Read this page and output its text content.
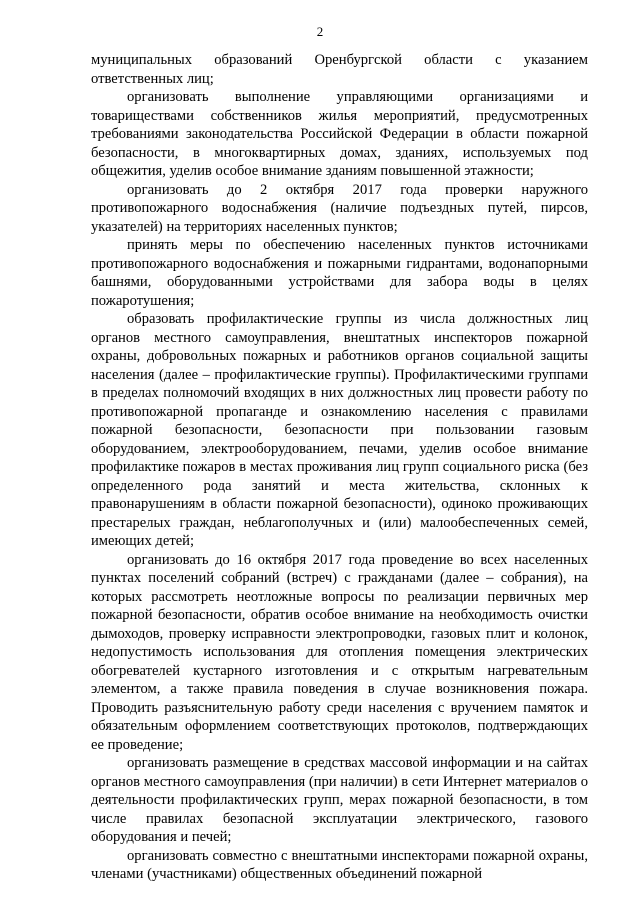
2

муниципальных образований Оренбургской области с указанием ответственных лиц;

организовать выполнение управляющими организациями и товариществами собственников жилья мероприятий, предусмотренных требованиями законодательства Российской Федерации в области пожарной безопасности, в многоквартирных домах, зданиях, используемых под общежития, уделив особое внимание зданиям повышенной этажности;

организовать до 2 октября 2017 года проверки наружного противопожарного водоснабжения (наличие подъездных путей, пирсов, указателей) на территориях населенных пунктов;

принять меры по обеспечению населенных пунктов источниками противопожарного водоснабжения и пожарными гидрантами, водонапорными башнями, оборудованными устройствами для забора воды в целях пожаротушения;

образовать профилактические группы из числа должностных лиц органов местного самоуправления, внештатных инспекторов пожарной охраны, добровольных пожарных и работников органов социальной защиты населения (далее – профилактические группы). Профилактическими группами в пределах полномочий входящих в них должностных лиц провести работу по противопожарной пропаганде и ознакомлению населения с правилами пожарной безопасности, безопасности при пользовании газовым оборудованием, электрооборудованием, печами, уделив особое внимание профилактике пожаров в местах проживания лиц групп социального риска (без определенного рода занятий и места жительства, склонных к правонарушениям в области пожарной безопасности), одиноко проживающих престарелых граждан, неблагополучных и (или) малообеспеченных семей, имеющих детей;

организовать до 16 октября 2017 года проведение во всех населенных пунктах поселений собраний (встреч) с гражданами (далее – собрания), на которых рассмотреть неотложные вопросы по реализации первичных мер пожарной безопасности, обратив особое внимание на необходимость очистки дымоходов, проверку исправности электропроводки, газовых плит и колонок, недопустимость использования для отопления помещения электрических обогревателей кустарного изготовления и с открытым нагревательным элементом, а также правила поведения в случае возникновения пожара. Проводить разъяснительную работу среди населения с вручением памяток и обязательным оформлением соответствующих протоколов, подтверждающих ее проведение;

организовать размещение в средствах массовой информации и на сайтах органов местного самоуправления (при наличии) в сети Интернет материалов о деятельности профилактических групп, мерах пожарной безопасности, в том числе правилах безопасной эксплуатации электрического, газового оборудования и печей;

организовать совместно с внештатными инспекторами пожарной охраны, членами (участниками) общественных объединений пожарной
